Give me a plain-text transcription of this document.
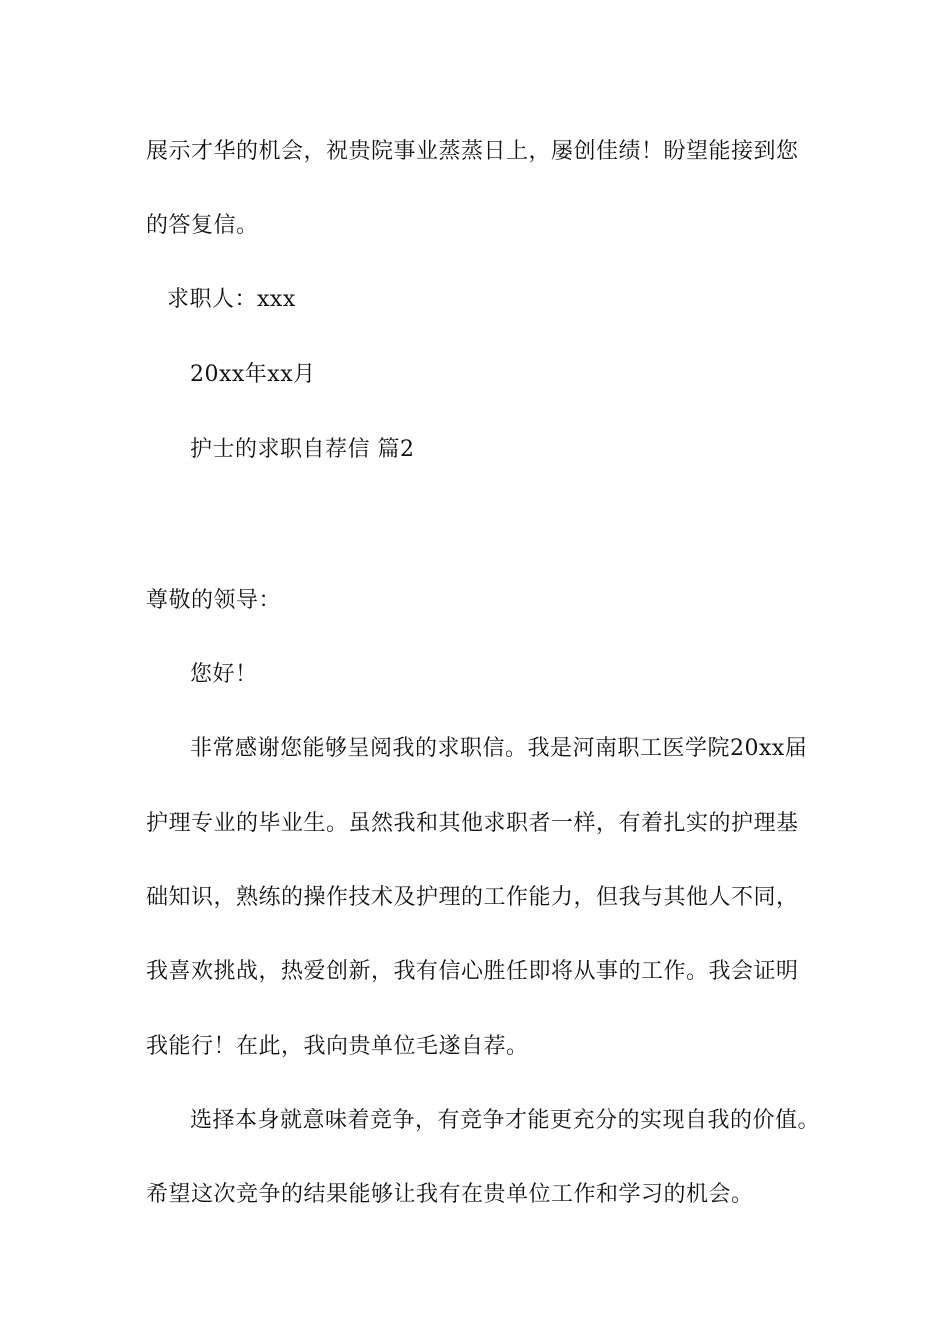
展示才华的机会，祝贵院事业蒸蒸日上，屡创佳绩！盼望能接到您
的答复信。
求职人：xxx
20xx年xx月
护士的求职自荐信 篇2
尊敬的领导：
您好！
非常感谢您能够呈阅我的求职信。我是河南职工医学院20xx届
护理专业的毕业生。虽然我和其他求职者一样，有着扎实的护理基
础知识，熟练的操作技术及护理的工作能力，但我与其他人不同，
我喜欢挑战，热爱创新，我有信心胜任即将从事的工作。我会证明
我能行！在此，我向贵单位毛遂自荐。
选择本身就意味着竞争，有竞争才能更充分的实现自我的价值。
希望这次竞争的结果能够让我有在贵单位工作和学习的机会。
